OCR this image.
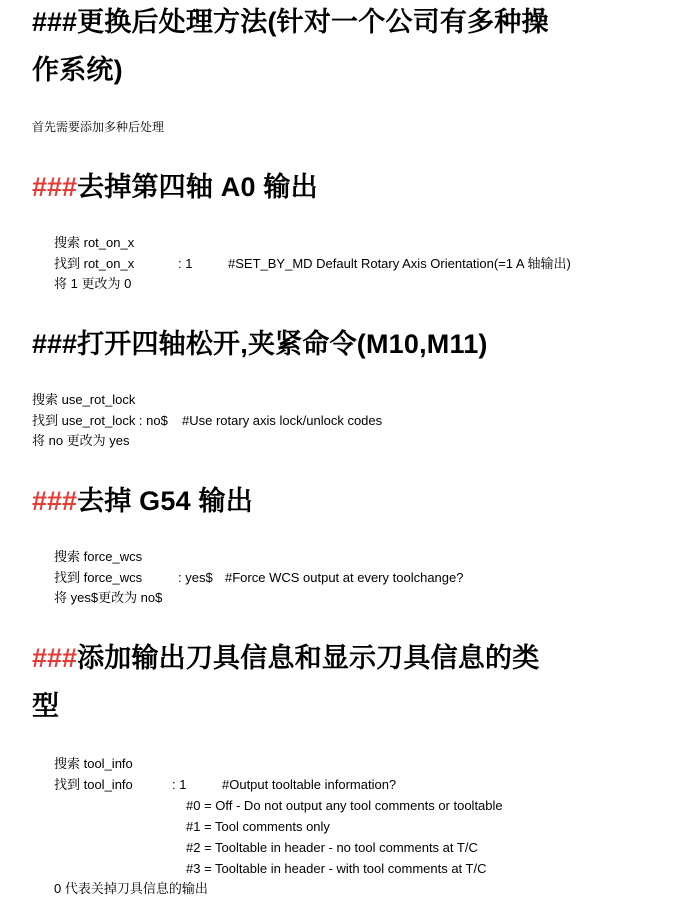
###更换后处理方法(针对一个公司有多种操
作系统)
首先需要添加多种后处理
###去掉第四轴 A0 输出
搜索 rot_on_x
找到 rot_on_x	: 1	#SET_BY_MD Default Rotary Axis Orientation(=1 A 轴输出)
将 1 更改为 0
###打开四轴松开,夹紧命令(M10,M11)
搜索 use_rot_lock
找到 use_rot_lock : no$ #Use rotary axis lock/unlock codes
将 no 更改为 yes
###去掉 G54 输出
搜索 force_wcs
找到 force_wcs	: yes$ #Force WCS output at every toolchange?
将 yes$更改为 no$
###添加输出刀具信息和显示刀具信息的类
型
搜索 tool_info
找到 tool_info	: 1	#Output tooltable information?
#0 = Off - Do not output any tool comments or tooltable
#1 = Tool comments only
#2 = Tooltable in header - no tool comments at T/C
#3 = Tooltable in header - with tool comments at T/C
0 代表关掉刀具信息的输出
